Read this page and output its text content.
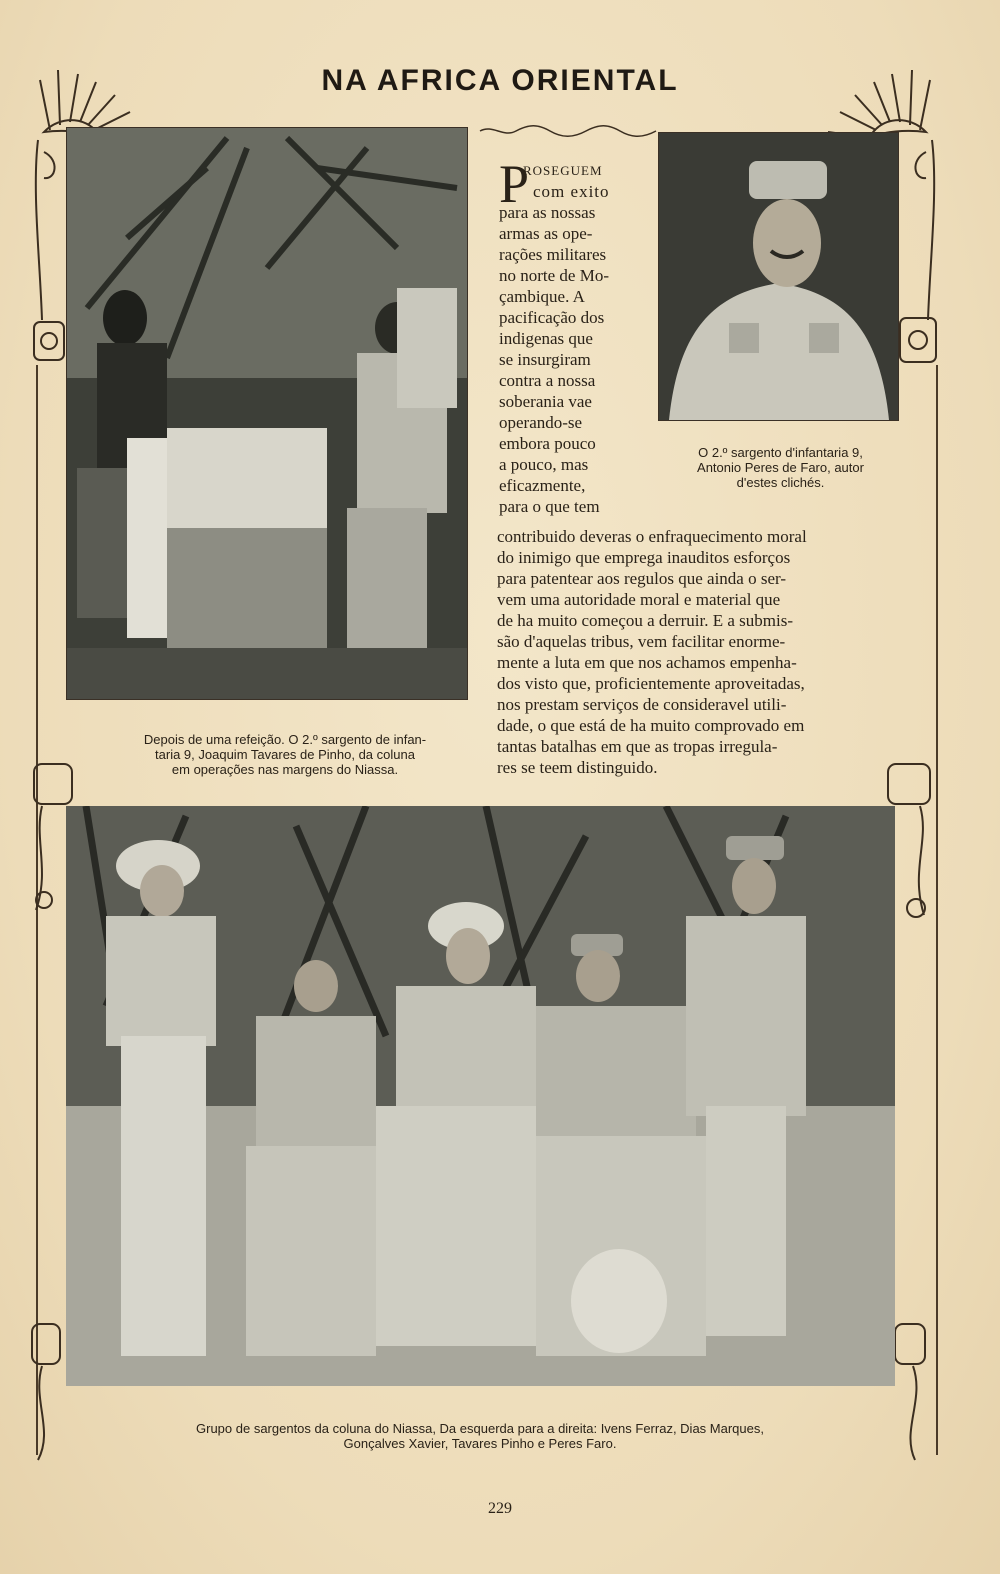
NA AFRICA ORIENTAL
Depois de uma refeição. O 2.º sargento de infan-
taria 9, Joaquim Tavares de Pinho, da coluna
em operações nas margens do Niassa.
O 2.º sargento d'infantaria 9,
Antonio Peres de Faro, autor
d'estes clichés.
P
ROSEGUEM
com exito
para as nossas
armas as ope-
rações militares
no norte de Mo-
çambique. A
pacificação dos
indigenas que
se insurgiram
contra a nossa
soberania vae
operando-se
embora pouco
a pouco, mas
eficazmente,
para o que tem
contribuido deveras o enfraquecimento moral
do inimigo que emprega inauditos esforços
para patentear aos regulos que ainda o ser-
vem uma autoridade moral e material que
de ha muito começou a derruir. E a submis-
são d'aquelas tribus, vem facilitar enorme-
mente a luta em que nos achamos empenha-
dos visto que, proficientemente aproveitadas,
nos prestam serviços de consideravel utili-
dade, o que está de ha muito comprovado em
tantas batalhas em que as tropas irregula-
res se teem distinguido.
Grupo de sargentos da coluna do Niassa, Da esquerda para a direita: Ivens Ferraz, Dias Marques,
Gonçalves Xavier, Tavares Pinho e Peres Faro.
229
